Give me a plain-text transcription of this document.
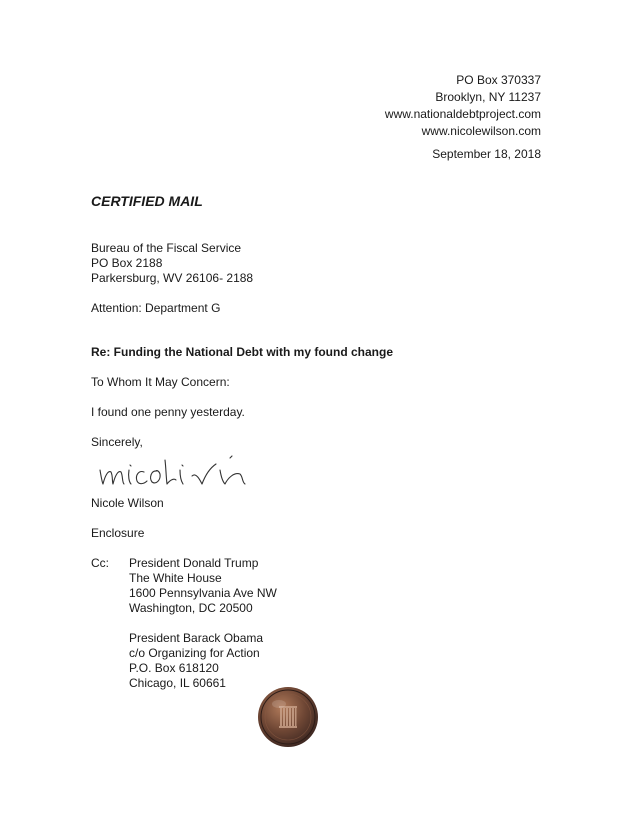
PO Box 370337
Brooklyn, NY 11237
www.nationaldebtproject.com
www.nicolewilson.com
September 18, 2018
CERTIFIED MAIL
Bureau of the Fiscal Service
PO Box 2188
Parkersburg, WV 26106- 2188
Attention: Department G
Re: Funding the National Debt with my found change
To Whom It May Concern:
I found one penny yesterday.
Sincerely,
Nicole Wilson
Enclosure
Cc: President Donald Trump
The White House
1600 Pennsylvania Ave NW
Washington, DC 20500
President Barack Obama
c/o Organizing for Action
P.O. Box 618120
Chicago, IL 60661
